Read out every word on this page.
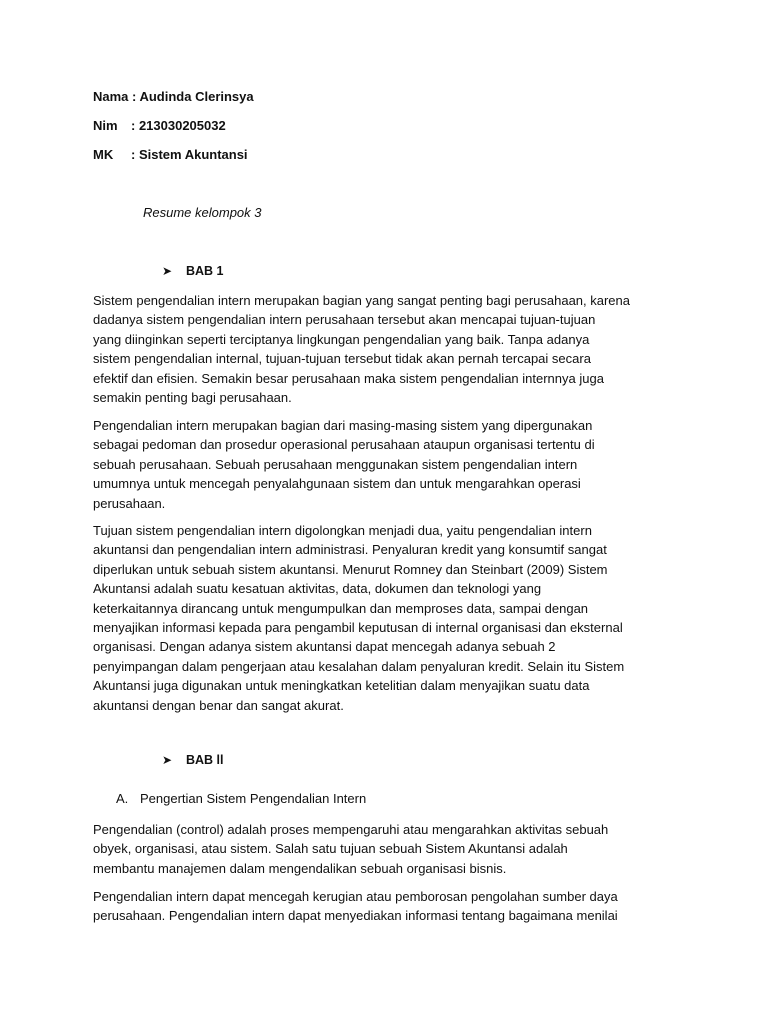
Nama : Audinda Clerinsya
Nim : 213030205032
MK : Sistem Akuntansi
Resume kelompok 3
➤	BAB 1

Sistem pengendalian intern merupakan bagian yang sangat penting bagi perusahaan, karena
dadanya sistem pengendalian intern perusahaan tersebut akan mencapai tujuan-tujuan
yang diinginkan seperti terciptanya lingkungan pengendalian yang baik. Tanpa adanya
sistem pengendalian internal, tujuan-tujuan tersebut tidak akan pernah tercapai secara
efektif dan efisien. Semakin besar perusahaan maka sistem pengendalian internnya juga
semakin penting bagi perusahaan.

Pengendalian intern merupakan bagian dari masing-masing sistem yang dipergunakan
sebagai pedoman dan prosedur operasional perusahaan ataupun organisasi tertentu di
sebuah perusahaan. Sebuah perusahaan menggunakan sistem pengendalian intern
umumnya untuk mencegah penyalahgunaan sistem dan untuk mengarahkan operasi
perusahaan.

Tujuan sistem pengendalian intern digolongkan menjadi dua, yaitu pengendalian intern
akuntansi dan pengendalian intern administrasi. Penyaluran kredit yang konsumtif sangat
diperlukan untuk sebuah sistem akuntansi. Menurut Romney dan Steinbart (2009) Sistem
Akuntansi adalah suatu kesatuan aktivitas, data, dokumen dan teknologi yang
keterkaitannya dirancang untuk mengumpulkan dan memproses data, sampai dengan
menyajikan informasi kepada para pengambil keputusan di internal organisasi dan eksternal
organisasi. Dengan adanya sistem akuntansi dapat mencegah adanya sebuah 2
penyimpangan dalam pengerjaan atau kesalahan dalam penyaluran kredit. Selain itu Sistem
Akuntansi juga digunakan untuk meningkatkan ketelitian dalam menyajikan suatu data
akuntansi dengan benar dan sangat akurat.

➤	BAB ll
A. Pengertian Sistem Pengendalian Intern

Pengendalian (control) adalah proses mempengaruhi atau mengarahkan aktivitas sebuah
obyek, organisasi, atau sistem. Salah satu tujuan sebuah Sistem Akuntansi adalah
membantu manajemen dalam mengendalikan sebuah organisasi bisnis.

Pengendalian intern dapat mencegah kerugian atau pemborosan pengolahan sumber daya
perusahaan. Pengendalian intern dapat menyediakan informasi tentang bagaimana menilai
